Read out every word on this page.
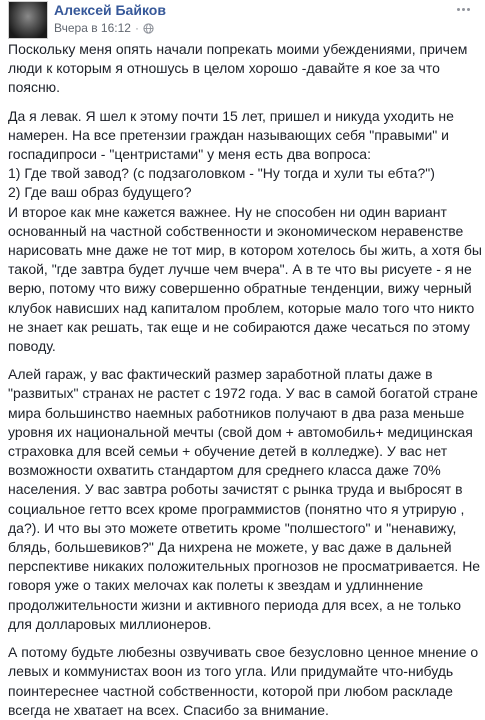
Алексей Байков
Вчера в 16:12 ·

Поскольку меня опять начали попрекать моими убеждениями, причем
люди к которым я отношусь в целом хорошо -давайте я кое за что
поясню.

Да я левак. Я шел к этому почти 15 лет, пришел и никуда уходить не
намерен. На все претензии граждан называющих себя "правыми" и
госпадипроси - "центристами" у меня есть два вопроса:
1) Где твой завод? (с подзаголовком - "Ну тогда и хули ты ебта?")
2) Где ваш образ будущего?
И второе как мне кажется важнее. Ну не способен ни один вариант
основанный на частной собственности и экономическом неравенстве
нарисовать мне даже не тот мир, в котором хотелось бы жить, а хотя бы
такой, "где завтра будет лучше чем вчера". А в те что вы рисуете - я не
верю, потому что вижу совершенно обратные тенденции, вижу черный
клубок нависших над капиталом проблем, которые мало того что никто
не знает как решать, так еще и не собираются даже чесаться по этому
поводу.

Алей гараж, у вас фактический размер заработной платы даже в
"развитых" странах не растет с 1972 года. У вас в самой богатой стране
мира большинство наемных работников получают в два раза меньше
уровня их национальной мечты (свой дом + автомобиль+ медицинская
страховка для всей семьи + обучение детей в колледже). У вас нет
возможности охватить стандартом для среднего класса даже 70%
населения. У вас завтра роботы зачистят с рынка труда и выбросят в
социальное гетто всех кроме программистов (понятно что я утрирую ,
да?). И что вы это можете ответить кроме "полшестого" и "ненавижу,
блядь, большевиков?" Да нихрена не можете, у вас даже в дальней
перспективе никаких положительных прогнозов не просматривается. Не
говоря уже о таких мелочах как полеты к звездам и удлиннение
продолжительности жизни и активного периода для всех, а не только
для долларовых миллионеров.

А потому будьте любезны озвучивать свое безусловно ценное мнение о
левых и коммунистах воон из того угла. Или придумайте что-нибудь
поинтереснее частной собственности, которой при любом раскладе
всегда не хватает на всех. Спасибо за внимание.
